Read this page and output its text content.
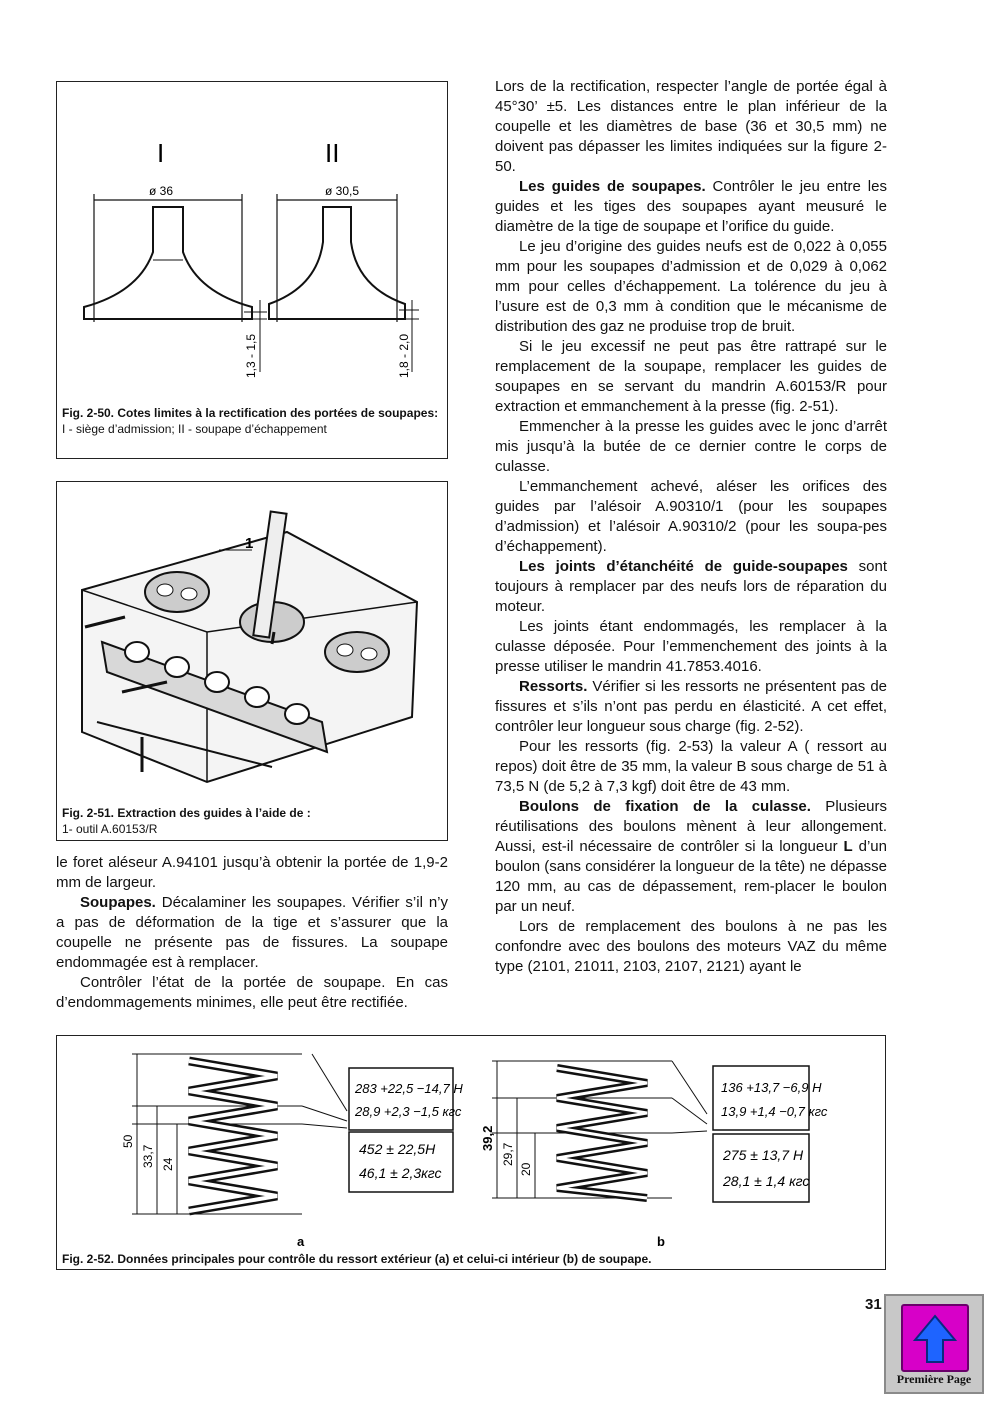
I	II
ø 36
1,3 - 1,5
ø 30,5
1,8 - 2,0
Fig. 2-50. Cotes limites à la rectification des portées de soupapes:
I - siège d’admission; II - soupape d’échappement
1
Fig. 2-51. Extraction des guides à l’aide de :
1- outil A.60153/R

le foret aléseur A.94101 jusqu’à obtenir la portée de 1,9-2 mm de largeur.

Soupapes. Décalaminer les soupapes. Vérifier s’il n’y a pas de déformation de la tige et s’assurer que la coupelle ne présente pas de fissures. La soupape endommagée est à remplacer.

Contrôler l’état de la portée de soupape. En cas d’endommagements minimes, elle peut être rectifiée.

Lors de la rectification, respecter l’angle de portée égal à 45°30’ ±5. Les distances entre le plan inférieur de la coupelle et les diamètres de base (36 et 30,5 mm) ne doivent pas dépasser les limites indiquées sur la figure 2-50.

Les guides de soupapes. Contrôler le jeu entre les guides et les tiges des soupapes ayant meusuré le diamètre de la tige de soupape et l’orifice du guide.

Le jeu d’origine des guides neufs est de 0,022 à 0,055 mm pour les soupapes d’admission et de 0,029 à 0,062 mm pour celles d’échappement. La tolérence du jeu à l’usure est de 0,3 mm à condition que le mécanisme de distribution des gaz ne produise trop de bruit.

Si le jeu excessif ne peut pas être rattrapé sur le remplacement de la soupape, remplacer les guides de soupapes en se servant du mandrin A.60153/R pour extraction et emmanchement à la presse (fig. 2-51).

Emmencher à la presse les guides avec le jonc d’arrêt mis jusqu’à la butée de ce dernier contre le corps de culasse.

L’emmanchement achevé, aléser les orifices des guides par l’alésoir A.90310/1 (pour les soupapes d’admission) et l’alésoir A.90310/2 (pour les soupa-pes d’échappement).

Les joints d’étanchéité de guide-soupapes sont toujours à remplacer par des neufs lors de réparation du moteur.

Les joints étant endommagés, les remplacer à la culasse déposée. Pour l’emmenchement des joints à la presse utiliser le mandrin 41.7853.4016.

Ressorts. Vérifier si les ressorts ne présentent pas de fissures et s’ils n’ont pas perdu en élasticité. A cet effet, contrôler leur longueur sous charge (fig. 2-52).

Pour les ressorts (fig. 2-53) la valeur A ( ressort au repos) doit être de 35 mm, la valeur B sous charge de 51 à 73,5 N (de 5,2 à 7,3 kgf) doit être de 43 mm.

Boulons de fixation de la culasse. Plusieurs réutilisations des boulons mènent à leur allongement. Aussi, est-il nécessaire de contrôler si la longueur L d’un boulon (sans considérer la longueur de la tête) ne dépasse 120 mm, au cas de dépassement, rem-placer le boulon par un neuf.

Lors de remplacement des boulons à ne pas les confondre avec des boulons des moteurs VAZ du même type (2101, 21011, 2103, 2107, 2121) ayant le

50
33,7 24
283 +22,5 −14,7 H
28,9 +2,3 −1,5 кгс
452 ± 22,5H
46,1 ± 2,3кгс
a
39,2
29,7
20
136 +13,7 −6,9 H
13,9 +1,4 −0,7 кгс
275 ± 13,7 H
28,1 ± 1,4 кгс
b
Fig. 2-52. Données principales pour contrôle du ressort extérieur (a) et celui-ci intérieur (b) de soupape.
31
Première Page
